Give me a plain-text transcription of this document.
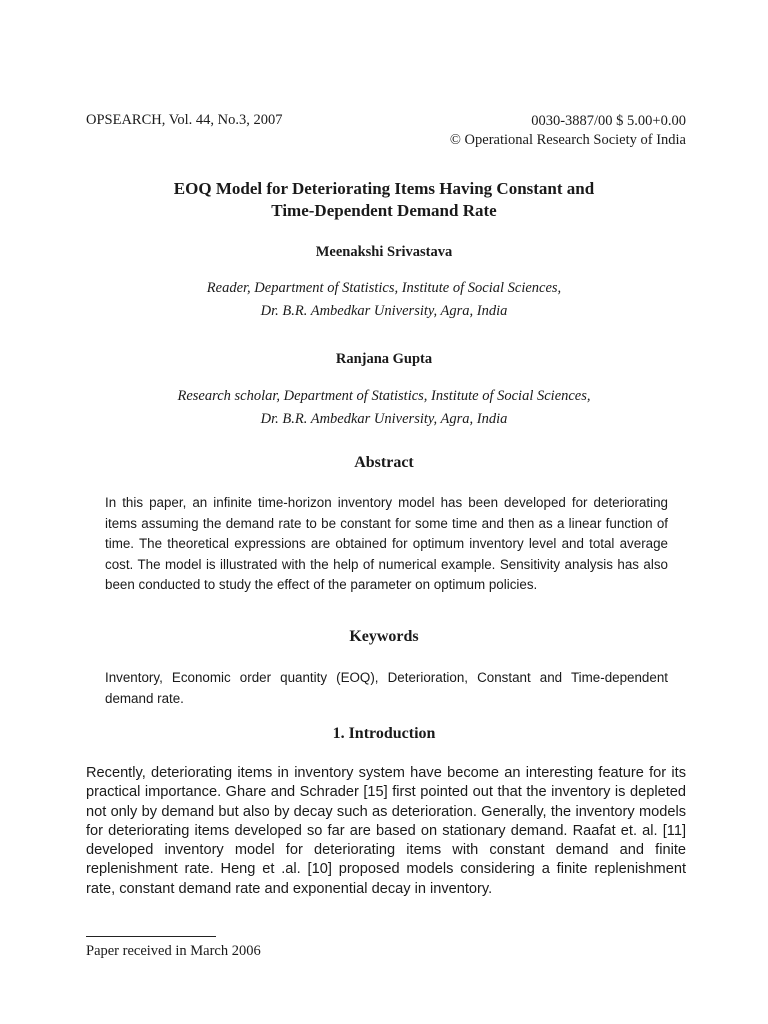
OPSEARCH, Vol. 44, No.3, 2007	0030-3887/00 $ 5.00+0.00
© Operational Research Society of India
EOQ Model for Deteriorating Items Having Constant and
Time-Dependent Demand Rate
Meenakshi Srivastava
Reader, Department of Statistics, Institute of Social Sciences,
Dr. B.R. Ambedkar University, Agra, India
Ranjana Gupta
Research scholar, Department of Statistics, Institute of Social Sciences,
Dr. B.R. Ambedkar University, Agra, India
Abstract
In this paper, an infinite time-horizon inventory model has been developed for deteriorating items assuming the demand rate to be constant for some time and then as a linear function of time. The theoretical expressions are obtained for optimum inventory level and total average cost. The model is illustrated with the help of numerical example. Sensitivity analysis has also been conducted to study the effect of the parameter on optimum policies.
Keywords
Inventory, Economic order quantity (EOQ), Deterioration, Constant and Time-dependent demand rate.
1. Introduction
Recently, deteriorating items in inventory system have become an interesting feature for its practical importance. Ghare and Schrader [15] first pointed out that the inventory is depleted not only by demand but also by decay such as deterioration. Generally, the inventory models for deteriorating items developed so far are based on stationary demand. Raafat et. al. [11] developed inventory model for deteriorating items with constant demand and finite replenishment rate. Heng et .al. [10] proposed models considering a finite replenishment rate, constant demand rate and exponential decay in inventory.
Paper received in March 2006
